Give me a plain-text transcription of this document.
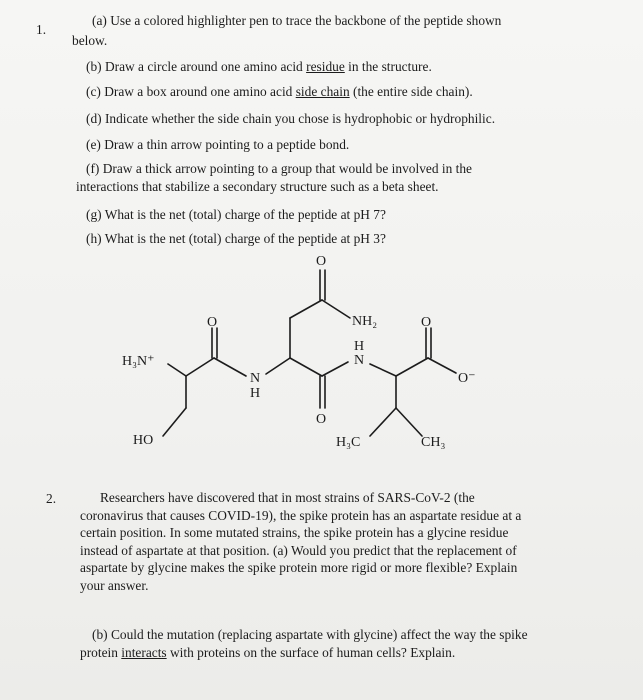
1.
(a) Use a colored highlighter pen to trace the backbone of the peptide shown
below.
(b) Draw a circle around one amino acid residue in the structure.
(c) Draw a box around one amino acid side chain (the entire side chain).
(d) Indicate whether the side chain you chose is hydrophobic or hydrophilic.
(e) Draw a thin arrow pointing to a peptide bond.
(f) Draw a thick arrow pointing to a group that would be involved in the
interactions that stabilize a secondary structure such as a beta sheet.
(g) What is the net (total) charge of the peptide at pH 7?
(h) What is the net (total) charge of the peptide at pH 3?
H₃N⁺
HO
O
N
H
O
NH₂
H
N
O
H₃C	CH₃
O
O⁻
2.	Researchers have discovered that in most strains of SARS-CoV-2 (the
coronavirus that causes COVID-19), the spike protein has an aspartate residue at a
certain position. In some mutated strains, the spike protein has a glycine residue
instead of aspartate at that position. (a) Would you predict that the replacement of
aspartate by glycine makes the spike protein more rigid or more flexible? Explain
your answer.
(b) Could the mutation (replacing aspartate with glycine) affect the way the spike
protein interacts with proteins on the surface of human cells? Explain.
